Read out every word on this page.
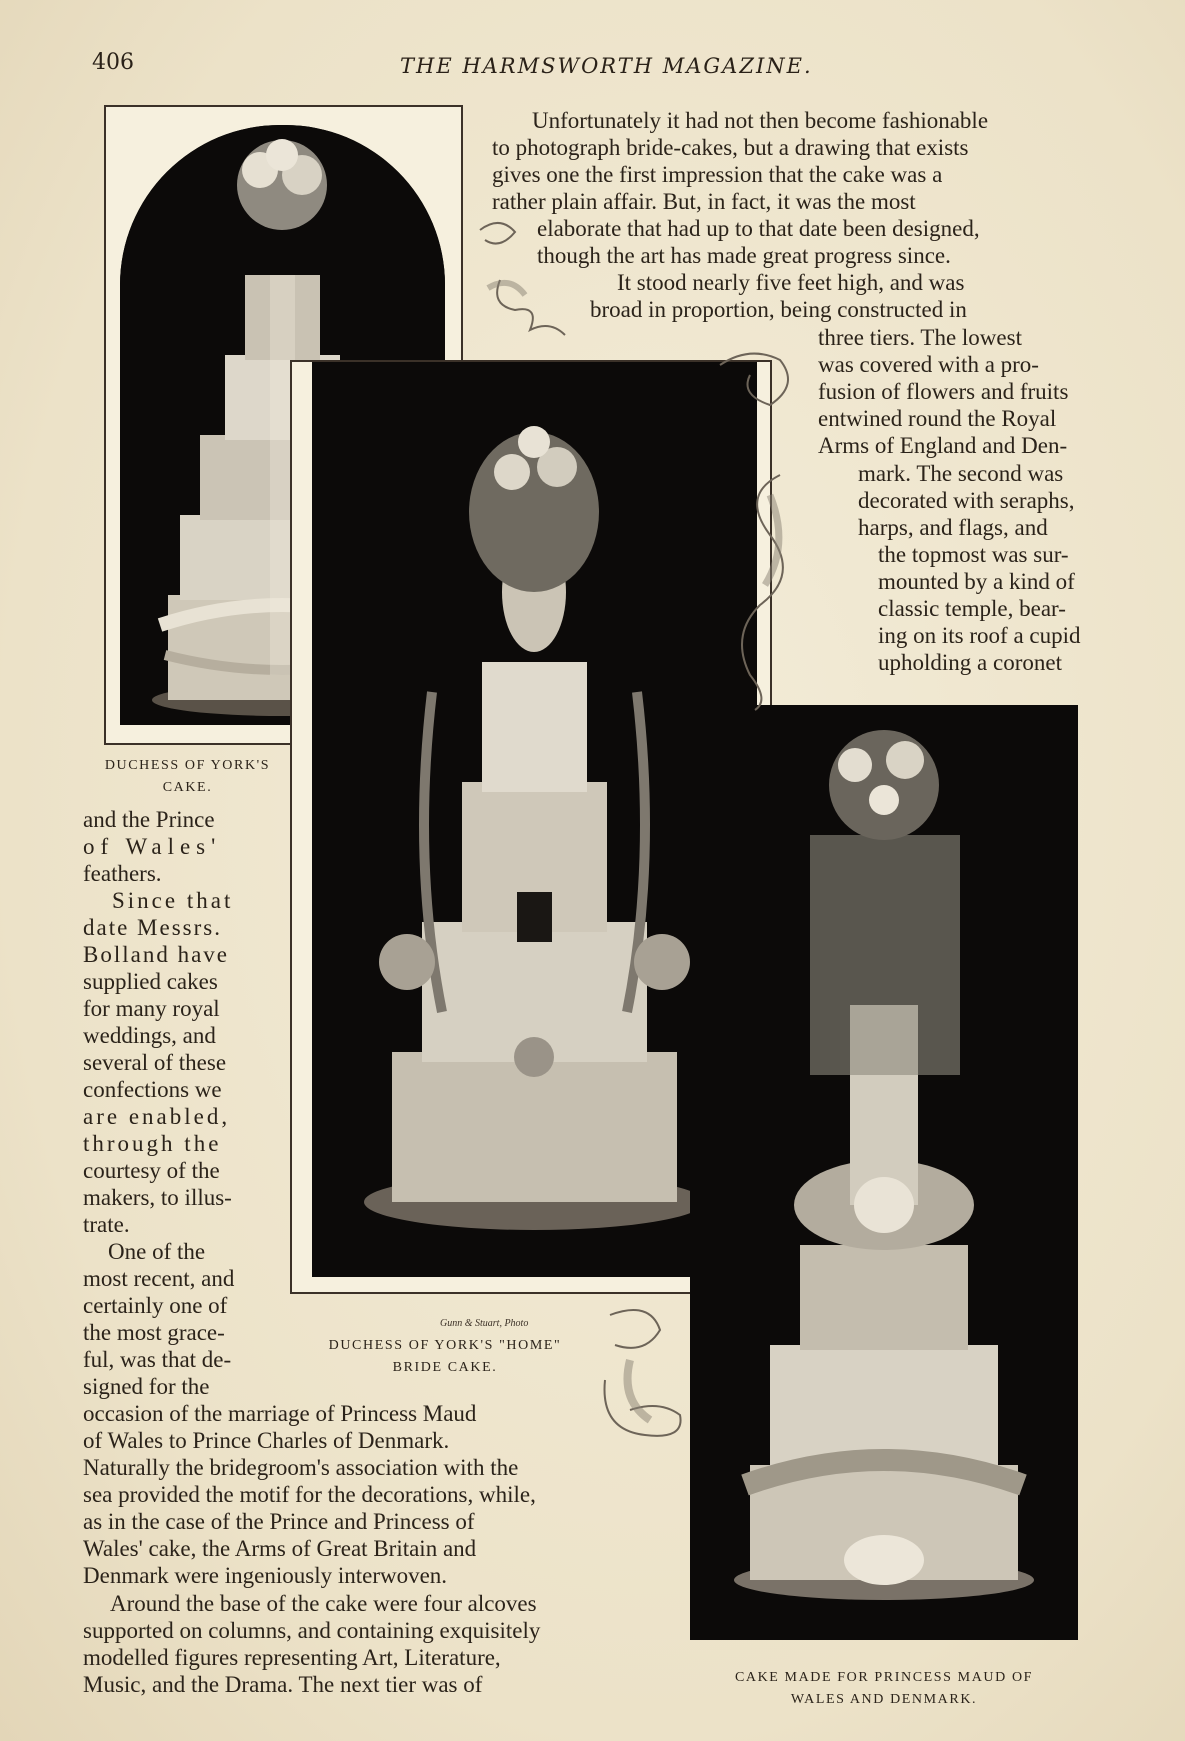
406	THE HARMSWORTH MAGAZINE.
DUCHESS OF YORK'S
CAKE.
Gunn & Stuart, Photo
DUCHESS OF YORK'S "HOME"
BRIDE CAKE.
CAKE MADE FOR PRINCESS MAUD OF
WALES AND DENMARK.
Unfortunately it had not then become fashionable
to photograph bride-cakes, but a drawing that exists
gives one the first impression that the cake was a
rather plain affair. But, in fact, it was the most
elaborate that had up to that date been designed,
though the art has made great progress since.
It stood nearly five feet high, and was
broad in proportion, being constructed in
three tiers. The lowest
was covered with a pro-
fusion of flowers and fruits
entwined round the Royal
Arms of England and Den-
mark. The second was
decorated with seraphs,
harps, and flags, and
the topmost was sur-
mounted by a kind of
classic temple, bear-
ing on its roof a cupid
upholding a coronet
and the Prince
of Wales'
feathers.
Since that
date Messrs.
Bolland have
supplied cakes
for many royal
weddings, and
several of these
confections we
are enabled,
through the
courtesy of the
makers, to illus-
trate.
One of the
most recent, and
certainly one of
the most grace-
ful, was that de-
signed for the
occasion of the marriage of Princess Maud
of Wales to Prince Charles of Denmark.
Naturally the bridegroom's association with the
sea provided the motif for the decorations, while,
as in the case of the Prince and Princess of
Wales' cake, the Arms of Great Britain and
Denmark were ingeniously interwoven.
Around the base of the cake were four alcoves
supported on columns, and containing exquisitely
modelled figures representing Art, Literature,
Music, and the Drama. The next tier was of
